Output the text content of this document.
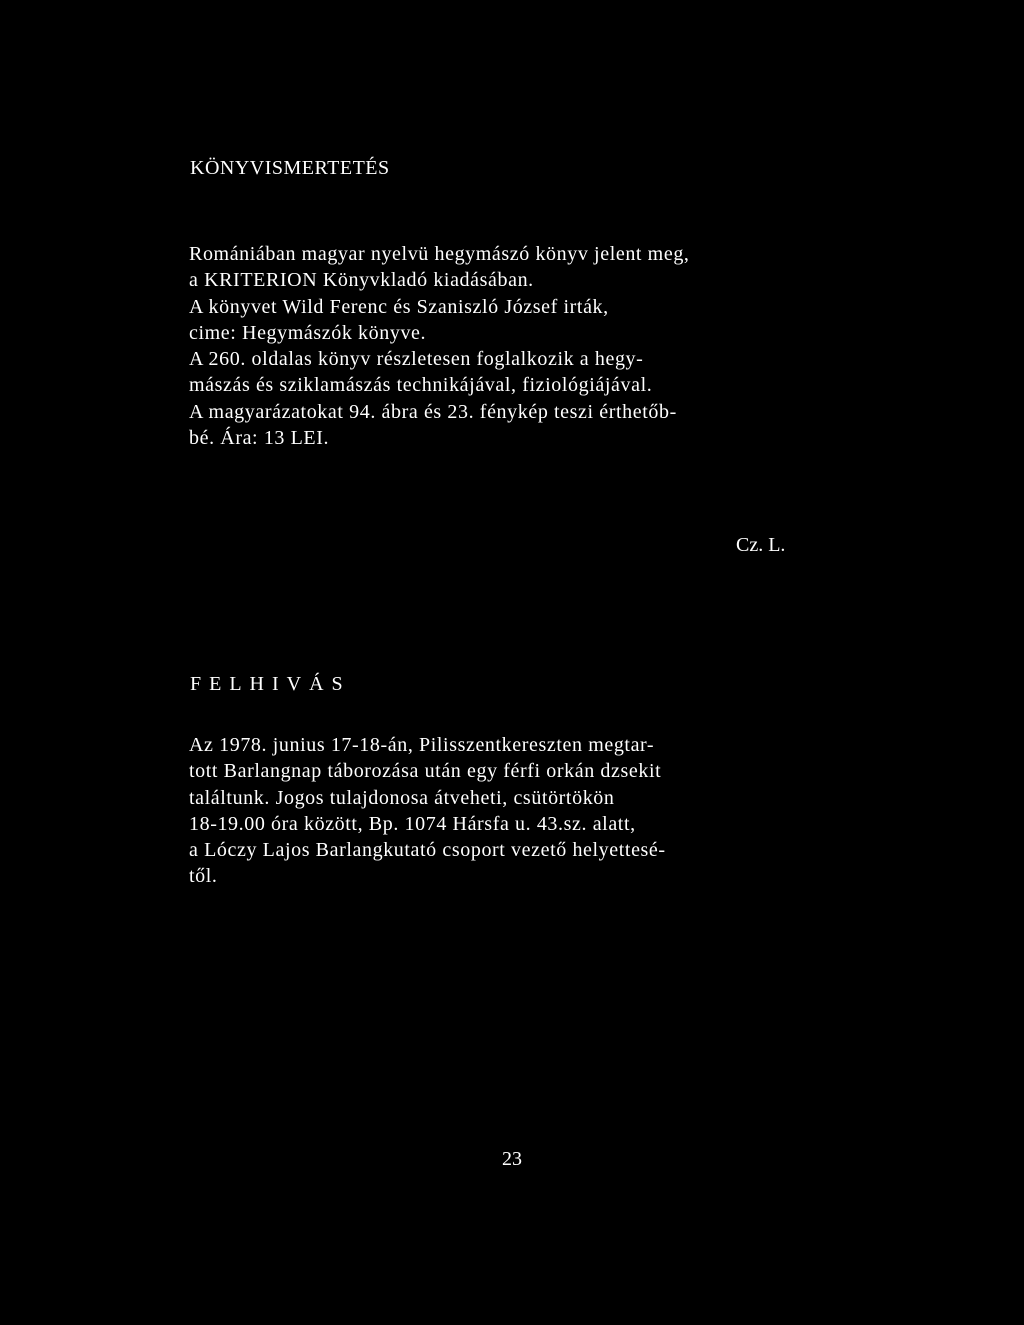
KÖNYVISMERTETÉS
Romániában magyar nyelvü hegymászó könyv jelent meg,
a KRITERION Könyvkladó kiadásában.
A könyvet Wild Ferenc és Szaniszló József irták,
cime: Hegymászók könyve.
A 260. oldalas könyv részletesen foglalkozik a hegy-
mászás és sziklamászás technikájával, fiziológiájával.
A magyarázatokat 94. ábra és 23. fénykép teszi érthetőb-
bé. Ára: 13 LEI.
Cz. L.
FELHIVÁS
Az 1978. junius 17-18-án, Pilisszentkereszten megtar-
tott Barlangnap táborozása után egy férfi orkán dzsekit
találtunk. Jogos tulajdonosa átveheti, csütörtökön
18-19.00 óra között, Bp. 1074 Hársfa u. 43.sz. alatt,
a Lóczy Lajos Barlangkutató csoport vezető helyettesé-
től.
23
